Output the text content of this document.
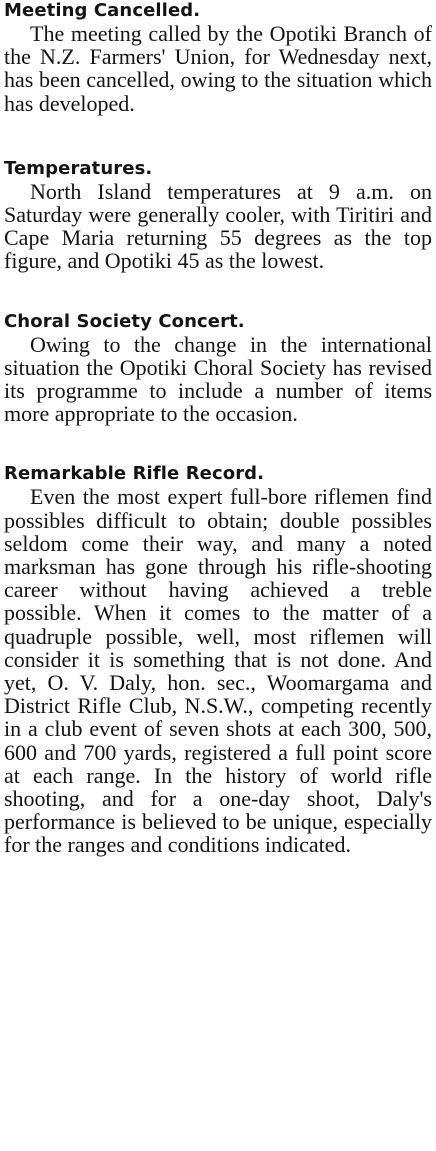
Meeting Cancelled.

The meeting called by the Opotiki Branch of the N.Z. Farmers' Union, for Wednesday next, has been cancelled, owing to the situation which has developed.

Temperatures.

North Island temperatures at 9 a.m. on Saturday were generally cooler, with Tiritiri and Cape Maria returning 55 degrees as the top figure, and Opotiki 45 as the lowest.

Choral Society Concert.

Owing to the change in the international situation the Opotiki Choral Society has revised its programme to include a number of items more appropriate to the occasion.

Remarkable Rifle Record.

Even the most expert full-bore riflemen find possibles difficult to obtain; double possibles seldom come their way, and many a noted marksman has gone through his rifle-shooting career without having achieved a treble possible. When it comes to the matter of a quadruple possible, well, most riflemen will consider it is something that is not done. And yet, O. V. Daly, hon. sec., Woomargama and District Rifle Club, N.S.W., competing recently in a club event of seven shots at each 300, 500, 600 and 700 yards, registered a full point score at each range. In the history of world rifle shooting, and for a one-day shoot, Daly's performance is believed to be unique, especially for the ranges and conditions indicated.
